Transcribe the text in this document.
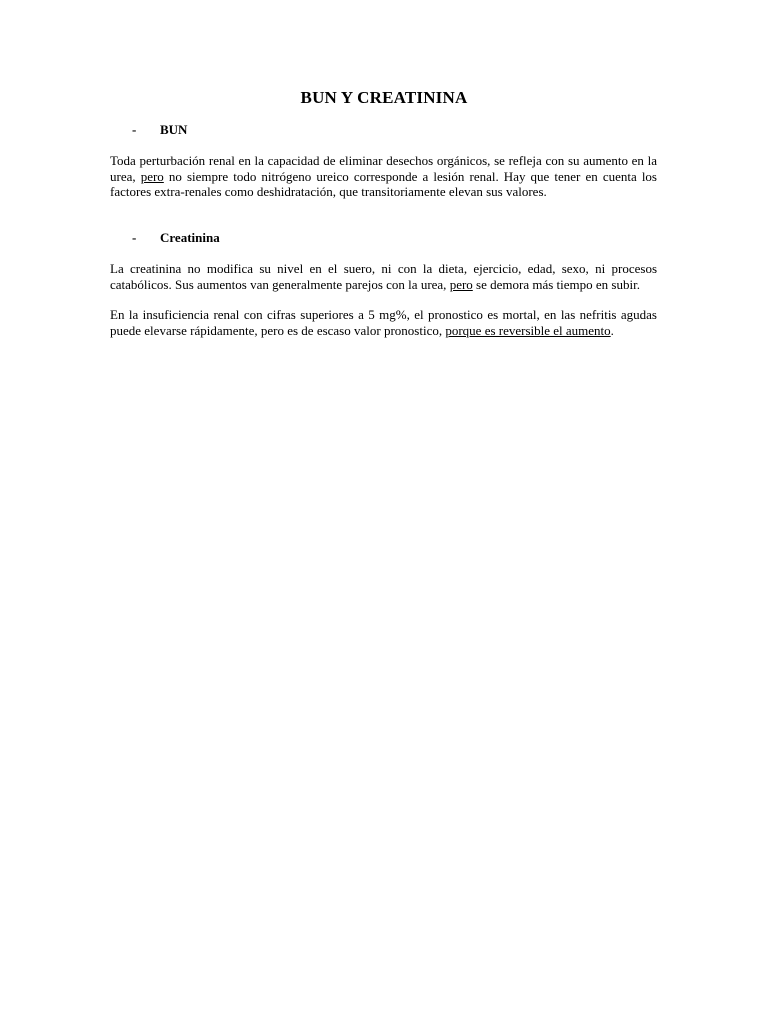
BUN Y CREATININA
- BUN
Toda perturbación renal en la capacidad de eliminar desechos orgánicos, se refleja con su aumento en la urea, pero no siempre todo nitrógeno ureico corresponde a lesión renal. Hay que tener en cuenta los factores extra-renales como deshidratación, que transitoriamente elevan sus valores.
- Creatinina
La creatinina no modifica su nivel en el suero, ni con la dieta, ejercicio, edad, sexo, ni procesos catabólicos. Sus aumentos van generalmente parejos con la urea, pero se demora más tiempo en subir.
En la insuficiencia renal con cifras superiores a 5 mg%, el pronostico es mortal, en las nefritis agudas puede elevarse rápidamente, pero es de escaso valor pronostico, porque es reversible el aumento.
